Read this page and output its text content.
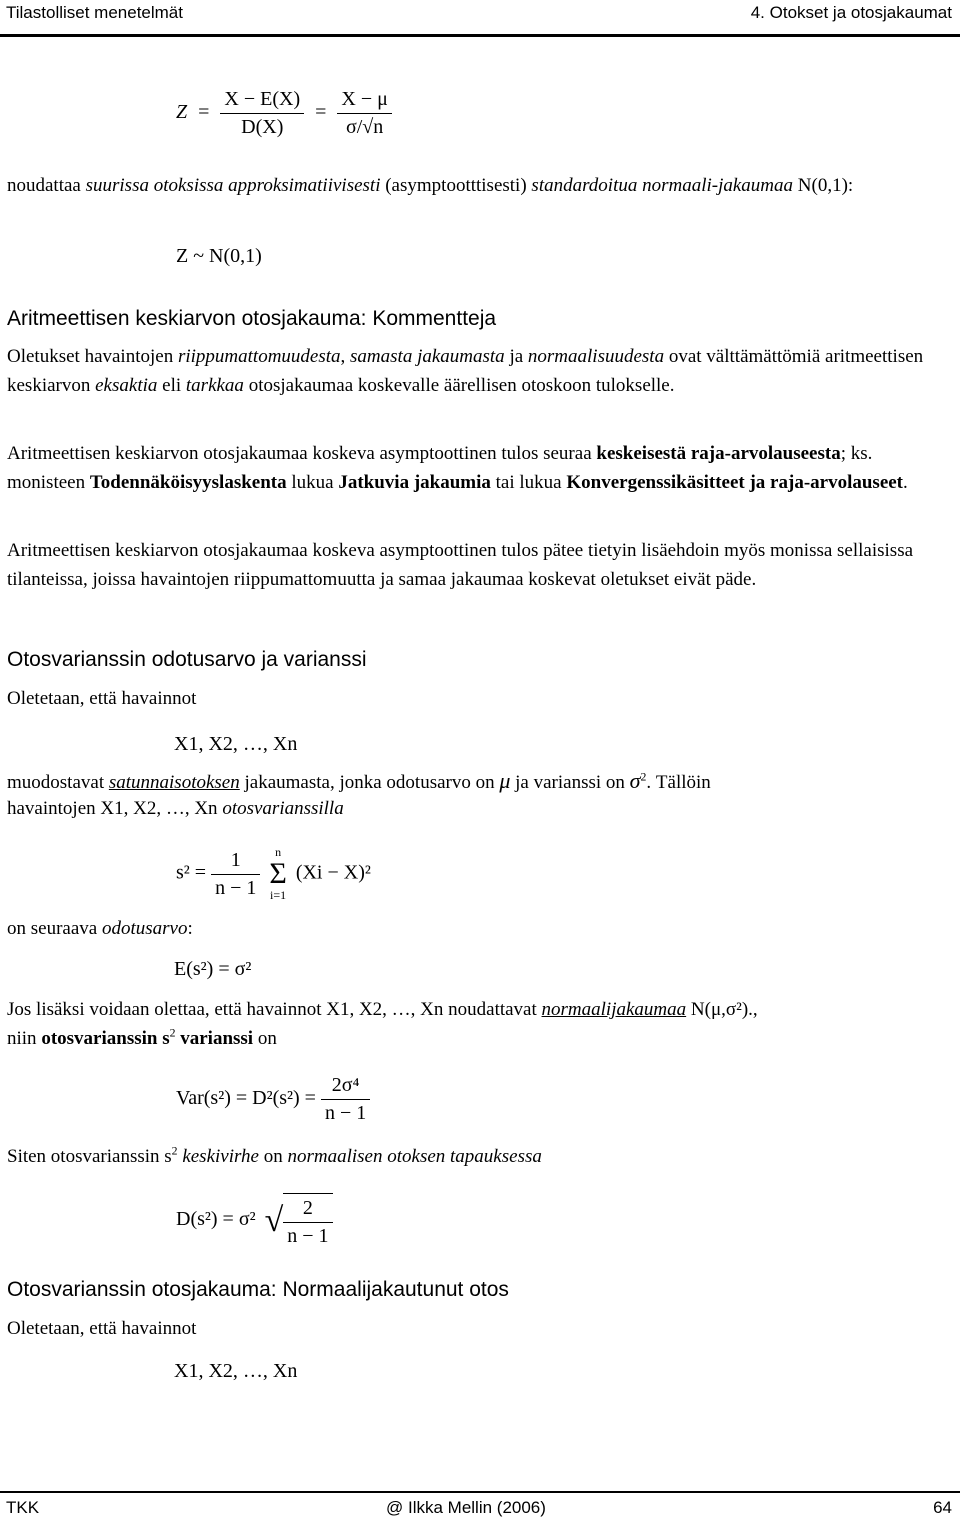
Tilastolliset menetelmät	4. Otokset ja otosjakaumat
$Z = \frac{X - E(X)}{D(X)} = \frac{X - \mu}{\sigma/√n}$
noudattaa suurissa otoksissa approksimatiivisesti (asymptootttisesti) standardoitua normaali-jakaumaa N(0,1):
Z ~ N(0,1)
Aritmeettisen keskiarvon otosjakauma: Kommentteja
Oletukset havaintojen riippumattomuudesta, samasta jakaumasta ja normaalisuudesta ovat välttämättömiä aritmeettisen keskiarvon eksaktia eli tarkkaa otosjakaumaa koskevalle äärellisen otoskoon tulokselle.
Aritmeettisen keskiarvon otosjakaumaa koskeva asymptoottinen tulos seuraa keskeisestä raja-arvolauseesta; ks. monisteen Todennäköisyyslaskenta lukua Jatkuvia jakaumia tai lukua Konvergenssikäsitteet ja raja-arvolauseet.
Aritmeettisen keskiarvon otosjakaumaa koskeva asymptoottinen tulos pätee tietyin lisäehdoin myös monissa sellaisissa tilanteissa, joissa havaintojen riippumattomuutta ja samaa jakaumaa koskevat oletukset eivät päde.
Otosvarianssin odotusarvo ja varianssi
Oletetaan, että havainnot
X1, X2, …, Xn
muodostavat satunnaisotoksen jakaumasta, jonka odotusarvo on μ ja varianssi on $\sigma^2$. Tällöin
havaintojen X1, X2, …, Xn otosvarianssilla
$s^2 = \frac{1}{n - 1}$
	n
Σ
i=1
(Xi − X)²
on seuraava odotusarvo:
E(s²) = σ²
Jos lisäksi voidaan olettaa, että havainnot X1, X2, …, Xn noudattavat normaalijakaumaa N(μ,σ²).,
niin otosvarianssin $s^2$ varianssi on
$Var(s^2) = D^2(s^2) = \frac{\text{2σ⁴}}{n - 1}$
Siten otosvarianssin $s^2$ keskivirhe on normaalisen otoksen tapauksessa
D(s²) = σ² √ $\frac{2}{n - 1}$
Otosvarianssin otosjakauma: Normaalijakautunut otos
Oletetaan, että havainnot
X1, X2, …, Xn
TKK	@ Ilkka Mellin (2006)	64
